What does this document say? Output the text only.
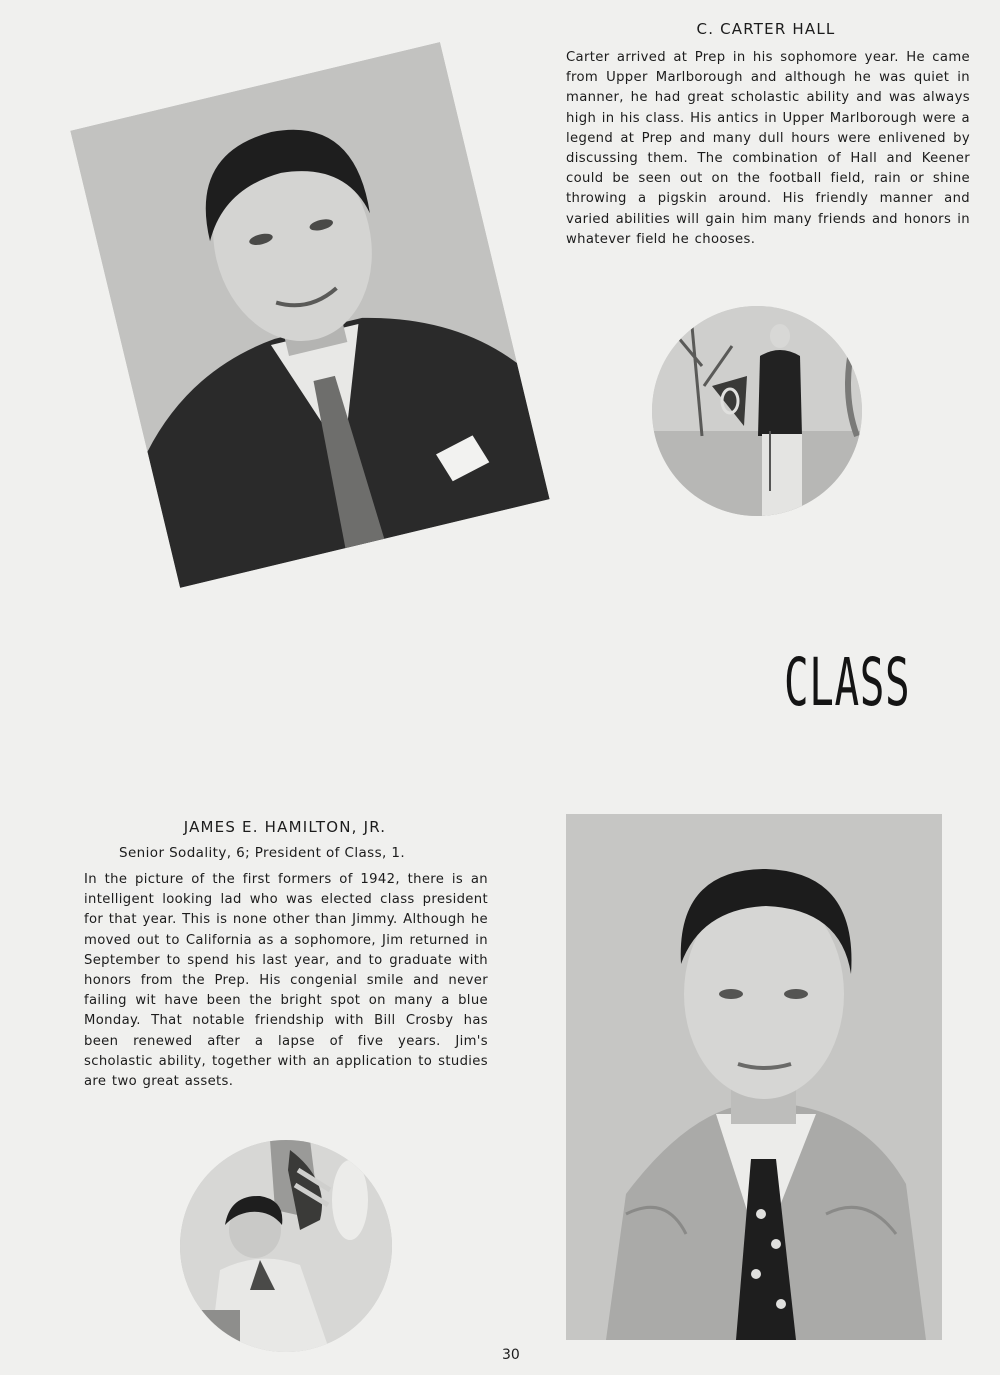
C. CARTER HALL
Carter arrived at Prep in his sophomore year. He came from Upper Marlborough and although he was quiet in manner, he had great scholastic ability and was always high in his class. His antics in Upper Marlborough were a legend at Prep and many dull hours were enlivened by discussing them. The combination of Hall and Keener could be seen out on the football field, rain or shine throwing a pigskin around. His friendly manner and varied abilities will gain him many friends and honors in whatever field he chooses.
CLASS
JAMES E. HAMILTON, JR.
Senior Sodality, 6; President of Class, 1.
In the picture of the first formers of 1942, there is an intelligent looking lad who was elected class president for that year. This is none other than Jimmy. Although he moved out to California as a sophomore, Jim returned in September to spend his last year, and to graduate with honors from the Prep. His congenial smile and never failing wit have been the bright spot on many a blue Monday. That notable friendship with Bill Crosby has been renewed after a lapse of five years. Jim's scholastic ability, together with an application to studies are two great assets.
30
